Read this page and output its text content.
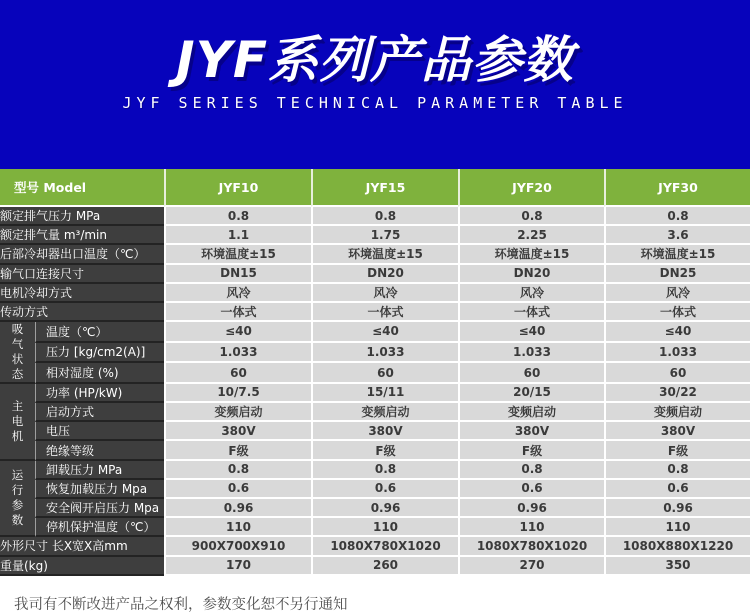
JYF系列产品参数
JYF SERIES TECHNICAL PARAMETER TABLE
型号 Model		JYF10	JYF15	JYF20	JYF30
额定排气压力 MPa		0.8	0.8	0.8	0.8
额定排气量 m³/min		1.1	1.75	2.25	3.6
后部冷却器出口温度（℃）		环境温度±15	环境温度±15	环境温度±15	环境温度±15
输气口连接尺寸		DN15	DN20	DN20	DN25
电机冷却方式		风冷	风冷	风冷	风冷
传动方式		一体式	一体式	一体式	一体式
吸气状态	温度（℃）	≤40	≤40	≤40	≤40
	压力 [kg/cm2(A)]	1.033	1.033	1.033	1.033
	相对湿度 (%)	60	60	60	60
主电机	功率 (HP/kW)	10/7.5	15/11	20/15	30/22
	启动方式	变频启动	变频启动	变频启动	变频启动
	电压	380V	380V	380V	380V
	绝缘等级	F级	F级	F级	F级
运行参数	卸载压力 MPa	0.8	0.8	0.8	0.8
	恢复加载压力 Mpa	0.6	0.6	0.6	0.6
	安全阀开启压力 Mpa	0.96	0.96	0.96	0.96
	停机保护温度（℃）	110	110	110	110
外形尺寸 长X宽X高mm		900X700X910	1080X780X1020	1080X780X1020	1080X880X1220
重量(kg)		170	260	270	350

我司有不断改进产品之权利，参数变化恕不另行通知
